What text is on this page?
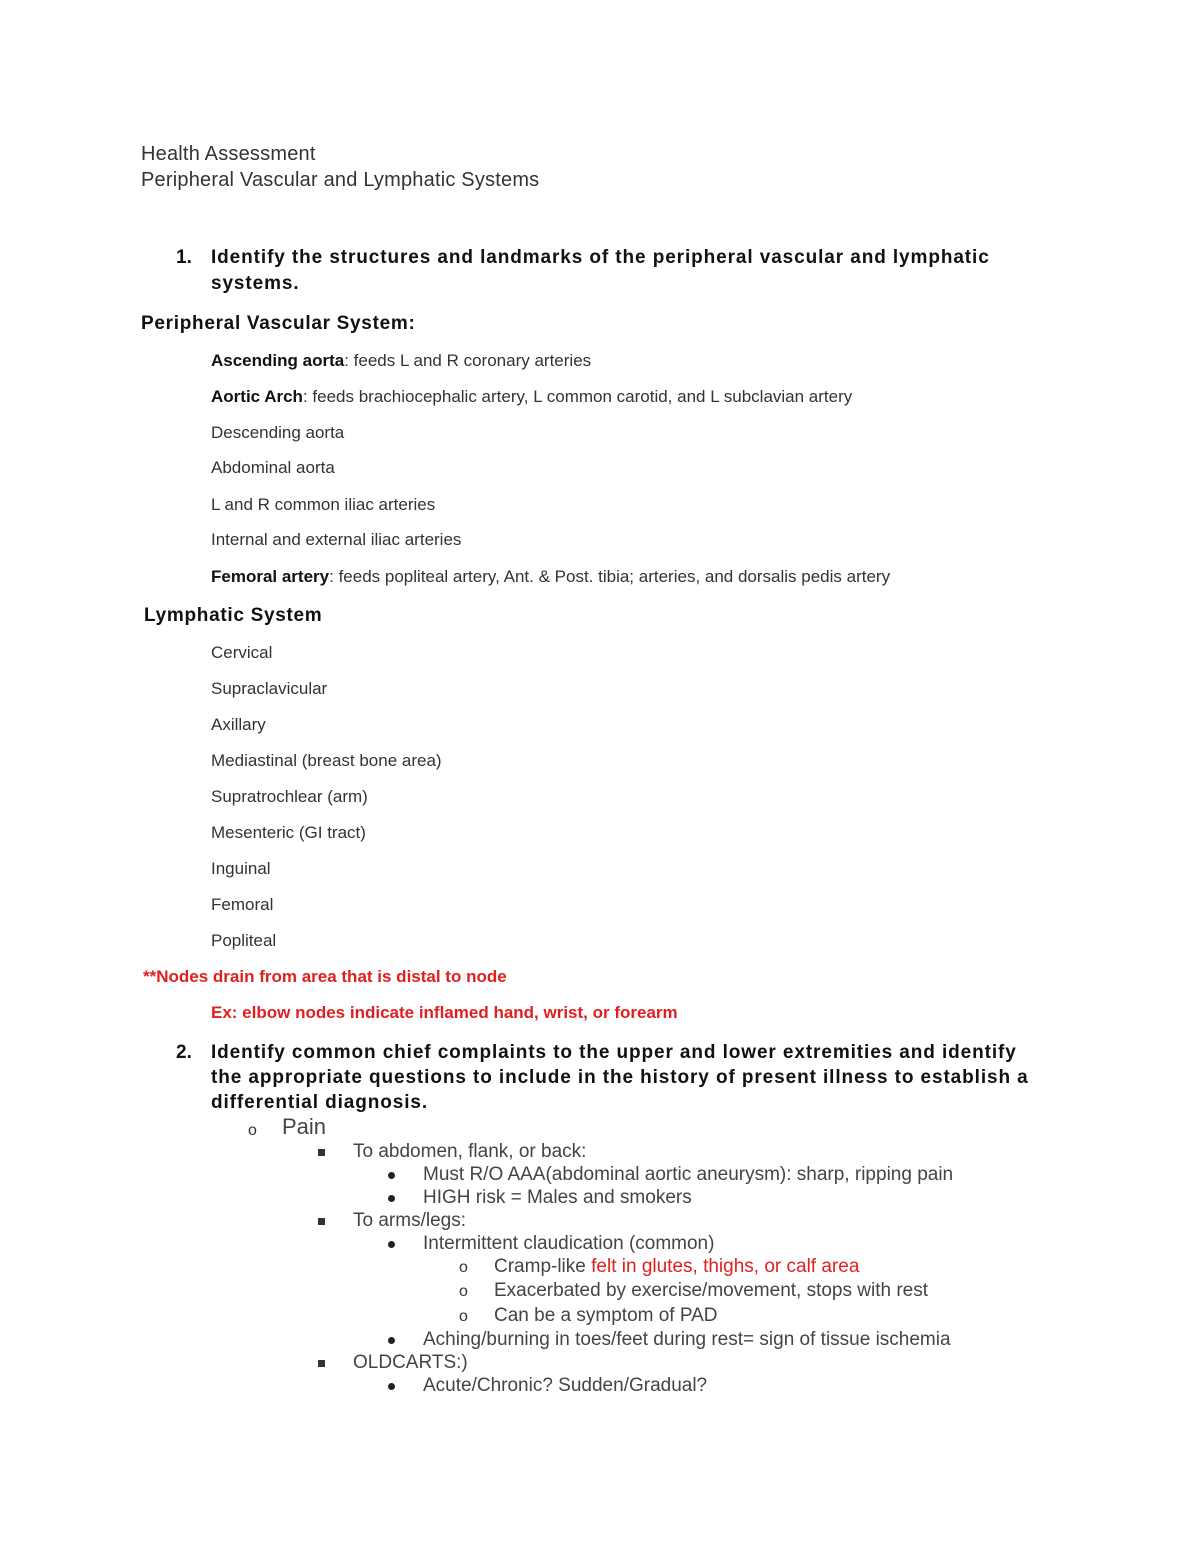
Health Assessment
Peripheral Vascular and Lymphatic Systems
1. Identify the structures and landmarks of the peripheral vascular and lymphatic
systems.
Peripheral Vascular System:
Ascending aorta: feeds L and R coronary arteries
Aortic Arch: feeds brachiocephalic artery, L common carotid, and L subclavian artery
Descending aorta
Abdominal aorta
L and R common iliac arteries
Internal and external iliac arteries
Femoral artery: feeds popliteal artery, Ant. & Post. tibia; arteries, and dorsalis pedis artery
Lymphatic System
Cervical
Supraclavicular
Axillary
Mediastinal (breast bone area)
Supratrochlear (arm)
Mesenteric (GI tract)
Inguinal
Femoral
Popliteal
**Nodes drain from area that is distal to node
Ex: elbow nodes indicate inflamed hand, wrist, or forearm
2. Identify common chief complaints to the upper and lower extremities and identify
the appropriate questions to include in the history of present illness to establish a
differential diagnosis.
o Pain
To abdomen, flank, or back:
Must R/O AAA(abdominal aortic aneurysm): sharp, ripping pain
HIGH risk = Males and smokers
To arms/legs:
Intermittent claudication (common)
o Cramp-like felt in glutes, thighs, or calf area
o Exacerbated by exercise/movement, stops with rest
o Can be a symptom of PAD
Aching/burning in toes/feet during rest= sign of tissue ischemia
OLDCARTS:)
Acute/Chronic? Sudden/Gradual?
